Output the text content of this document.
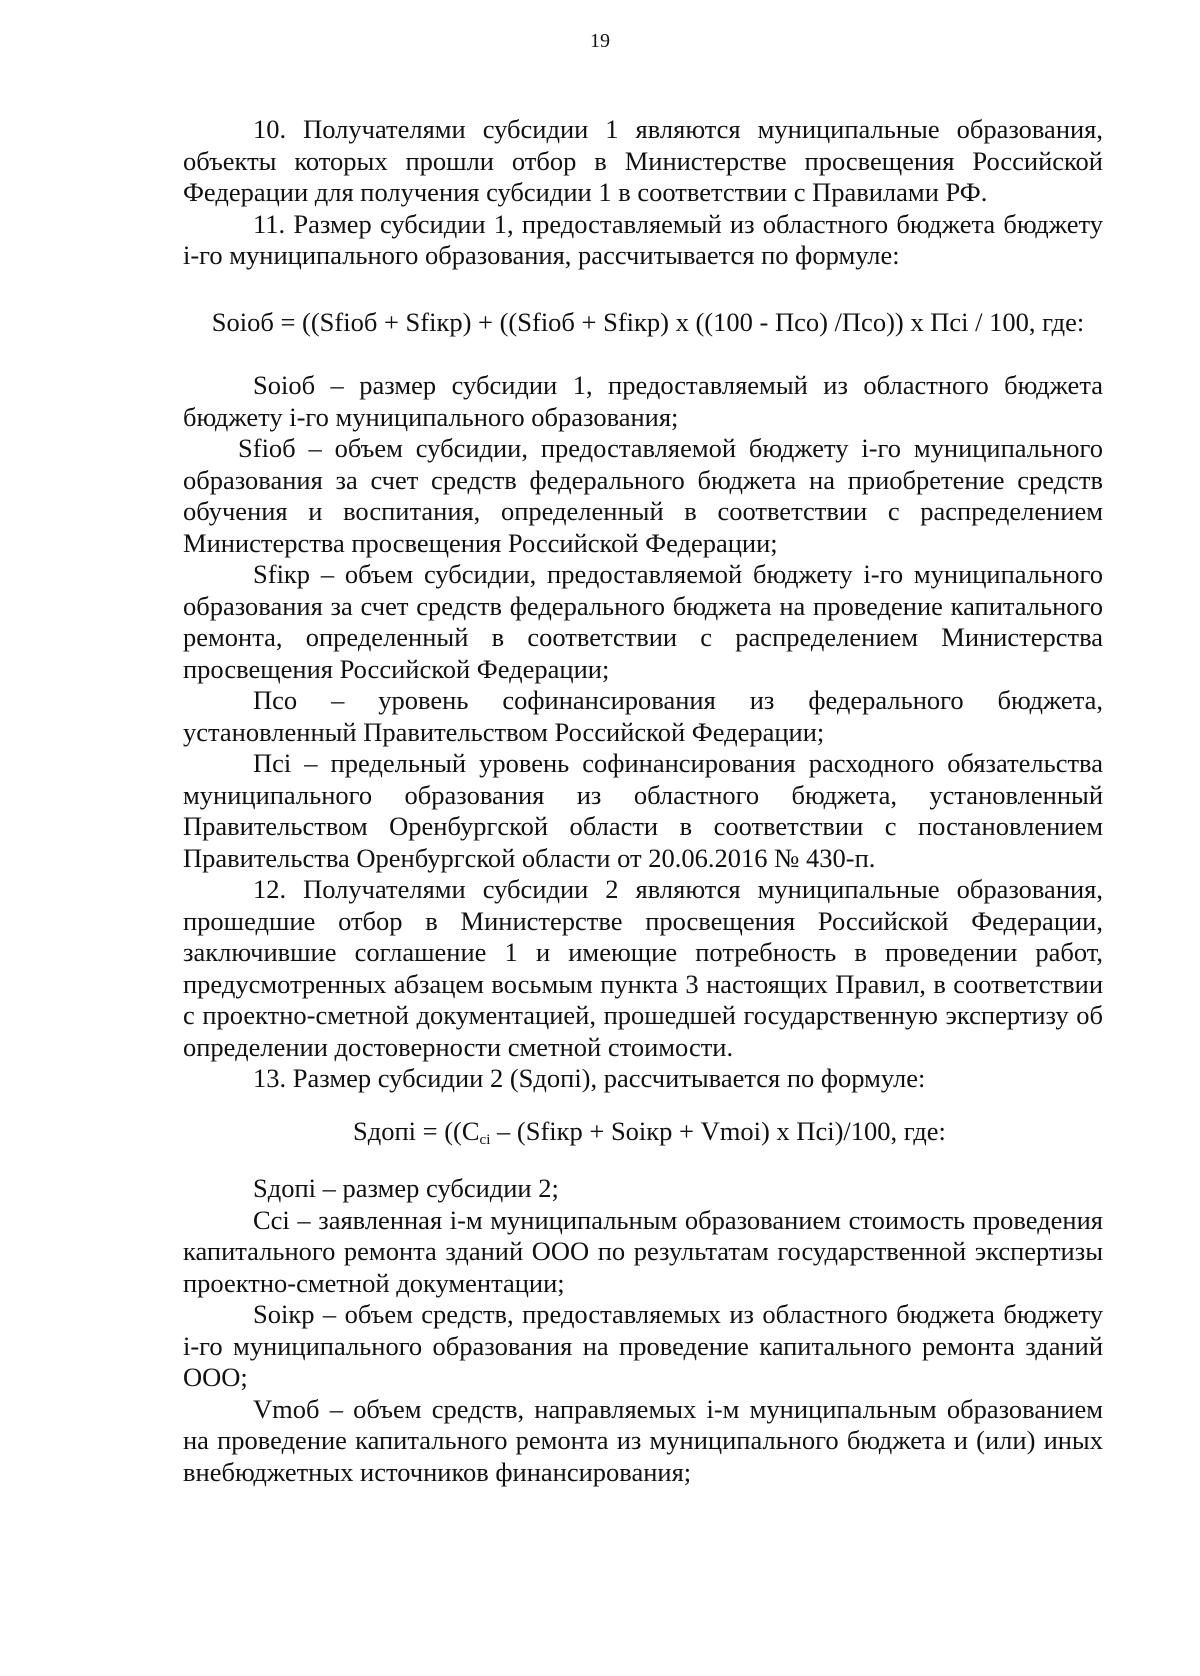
19

10. Получателями субсидии 1 являются муниципальные образования, объекты которых прошли отбор в Министерстве просвещения Российской Федерации для получения субсидии 1 в соответствии с Правилами РФ.

11. Размер субсидии 1, предоставляемый из областного бюджета бюджету i-го муниципального образования, рассчитывается по формуле:

Soioб = ((Sfioб + Sfiкр) + ((Sfioб + Sfiкр) x ((100 - Пco) /Пco)) x Пci / 100, где:

Soioб – размер субсидии 1, предоставляемый из областного бюджета бюджету i-го муниципального образования;

Sfioб – объем субсидии, предоставляемой бюджету i-го муниципального образования за счет средств федерального бюджета на приобретение средств обучения и воспитания, определенный в соответствии с распределением Министерства просвещения Российской Федерации;

Sfiкр – объем субсидии, предоставляемой бюджету i-го муниципального образования за счет средств федерального бюджета на проведение капитального ремонта, определенный в соответствии с распределением Министерства просвещения Российской Федерации;

Пco – уровень софинансирования из федерального бюджета, установленный Правительством Российской Федерации;

Пci – предельный уровень софинансирования расходного обязательства муниципального образования из областного бюджета, установленный Правительством Оренбургской области в соответствии с постановлением Правительства Оренбургской области от 20.06.2016 № 430-п.

12. Получателями субсидии 2 являются муниципальные образования, прошедшие отбор в Министерстве просвещения Российской Федерации, заключившие соглашение 1 и имеющие потребность в проведении работ, предусмотренных абзацем восьмым пункта 3 настоящих Правил, в соответствии с проектно-сметной документацией, прошедшей государственную экспертизу об определении достоверности сметной стоимости.

13. Размер субсидии 2 (Sдопi), рассчитывается по формуле:

Sдопi = (($C_{ci}$ – (Sfiкр + Soiкр + Vmoi) x Пci)/100, где:

Sдопi – размер субсидии 2;

Cci – заявленная i-м муниципальным образованием стоимость проведения капитального ремонта зданий ООО по результатам государственной экспертизы проектно-сметной документации;

Soiкр – объем средств, предоставляемых из областного бюджета бюджету i-го муниципального образования на проведение капитального ремонта зданий ООО;

Vmoб – объем средств, направляемых i-м муниципальным образованием на проведение капитального ремонта из муниципального бюджета и (или) иных внебюджетных источников финансирования;
